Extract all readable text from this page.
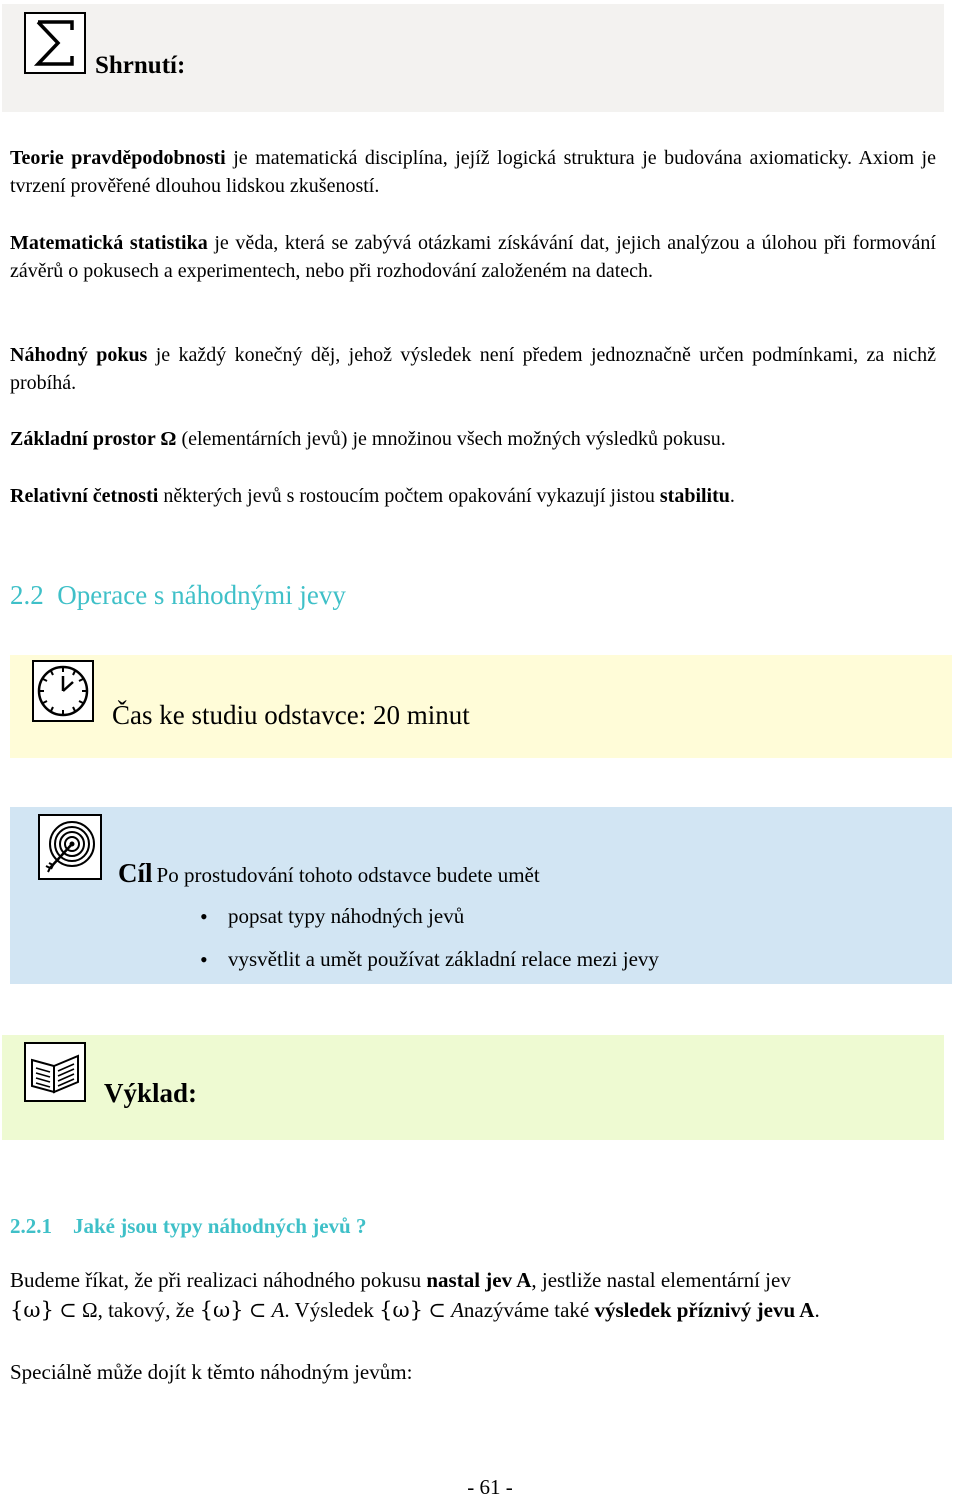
Shrnutí:
Teorie pravděpodobnosti je matematická disciplína, jejíž logická struktura je budována axiomaticky. Axiom je tvrzení prověřené dlouhou lidskou zkušeností.
Matematická statistika je věda, která se zabývá otázkami získávání dat, jejich analýzou a úlohou při formování závěrů o pokusech a experimentech, nebo při rozhodování založeném na datech.
Náhodný pokus je každý konečný děj, jehož výsledek není předem jednoznačně určen podmínkami, za nichž probíhá.
Základní prostor Ω (elementárních jevů) je množinou všech možných výsledků pokusu.
Relativní četnosti některých jevů s rostoucím počtem opakování vykazují jistou stabilitu.
2.2 Operace s náhodnými jevy
Čas ke studiu odstavce: 20 minut
Cíl Po prostudování tohoto odstavce budete umět
• popsat typy náhodných jevů
• vysvětlit a umět používat základní relace mezi jevy
Výklad:
2.2.1 Jaké jsou typy náhodných jevů ?
Budeme říkat, že při realizaci náhodného pokusu nastal jev A, jestliže nastal elementární jev
{ω} ⊂ Ω, takový, že {ω} ⊂ A. Výsledek {ω} ⊂ Anazýváme také výsledek příznivý jevu A.
Speciálně může dojít k těmto náhodným jevům:
- 61 -
